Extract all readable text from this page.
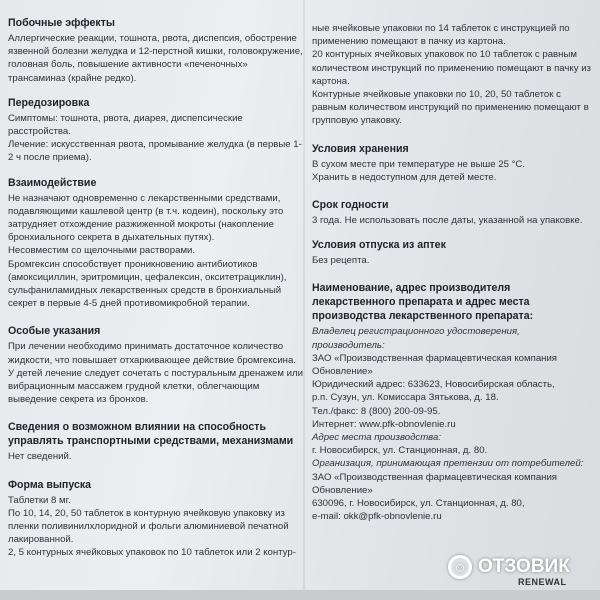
Побочные эффекты

Аллергические реакции, тошнота, рвота, диспепсия, обострение язвенной болезни желудка и 12-перстной кишки, головокружение, головная боль, повышение активности «печеночных» трансаминаз (крайне редко).

Передозировка

Симптомы: тошнота, рвота, диарея, диспепсические расстройства.

Лечение: искусственная рвота, промывание желудка (в первые 1-2 ч после приема).

Взаимодействие

Не назначают одновременно с лекарственными средствами, подавляющими кашлевой центр (в т.ч. кодеин), поскольку это затрудняет отхождение разжиженной мокроты (накопление бронхиального секрета в дыхательных путях).

Несовместим со щелочными растворами.

Бромгексин способствует проникновению антибиотиков (амоксициллин, эритромицин, цефалексин, окситетрациклин), сульфаниламидных лекарственных средств в бронхиальный секрет в первые 4-5 дней противомикробной терапии.

Особые указания

При лечении необходимо принимать достаточное количество жидкости, что повышает отхаркивающее действие бромгексина.

У детей лечение следует сочетать с постуральным дренажем или вибрационным массажем грудной клетки, облегчающим выведение секрета из бронхов.

Сведения о возможном влиянии на способность управлять транспортными средствами, механизмами

Нет сведений.

Форма выпуска

Таблетки 8 мг.

По 10, 14, 20, 50 таблеток в контурную ячейковую упаковку из пленки поливинилхлоридной и фольги алюминиевой печатной лакированной.

2, 5 контурных ячейковых упаковок по 10 таблеток или 2 контур-

ные ячейковые упаковки по 14 таблеток с инструкцией по применению помещают в пачку из картона.

20 контурных ячейковых упаковок по 10 таблеток с равным количеством инструкций по применению помещают в пачку из картона.

Контурные ячейковые упаковки по 10, 20, 50 таблеток с равным количеством инструкций по применению помещают в групповую упаковку.

Условия хранения

В сухом месте при температуре не выше 25 °С.

Хранить в недоступном для детей месте.

Срок годности

3 года. Не использовать после даты, указанной на упаковке.

Условия отпуска из аптек

Без рецепта.

Наименование, адрес производителя лекарственного препарата и адрес места производства лекарственного препарата:

Владелец регистрационного удостоверения, производитель:

ЗАО «Производственная фармацевтическая компания Обновление»

Юридический адрес: 633623, Новосибирская область,

р.п. Сузун, ул. Комиссара Зятькова, д. 18.

Тел./факс: 8 (800) 200-09-95.

Интернет: www.pfk-obnovlenie.ru

Адрес места производства:

г. Новосибирск, ул. Станционная, д. 80.

Организация, принимающая претензии от потребителей:

ЗАО «Производственная фармацевтическая компания Обновление»

630096, г. Новосибирск, ул. Станционная, д. 80,

e-mail: okk@pfk-obnovlenie.ru

RENEWAL
☺ ОТЗОВИК
